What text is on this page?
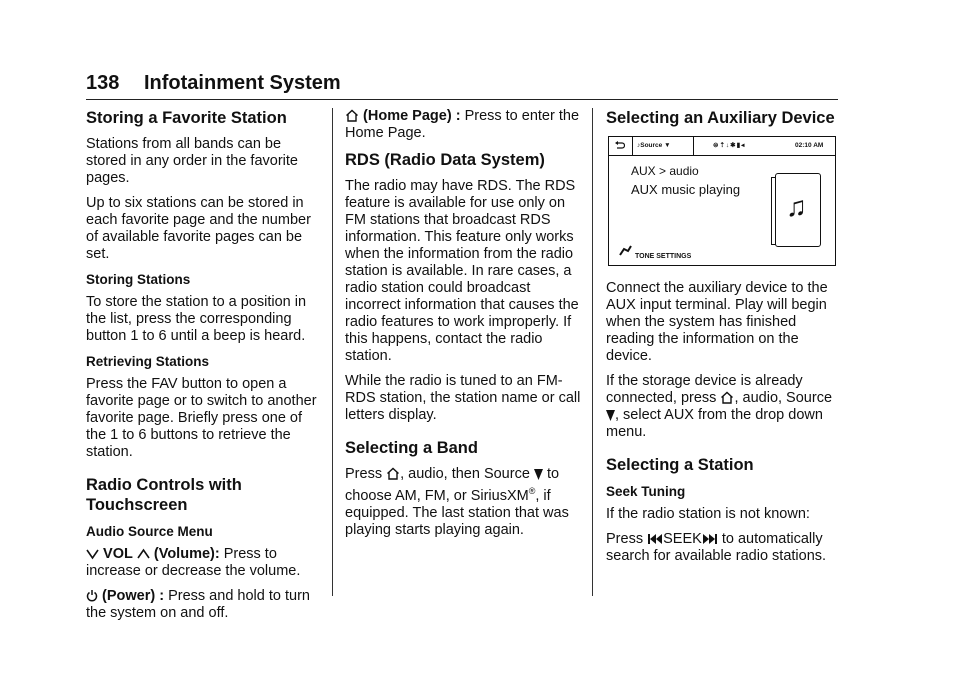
138 Infotainment System
Storing a Favorite Station

Stations from all bands can be stored in any order in the favorite pages.

Up to six stations can be stored in each favorite page and the number of available favorite pages can be set.

Storing Stations

To store the station to a position in the list, press the corresponding button 1 to 6 until a beep is heard.

Retrieving Stations

Press the FAV button to open a favorite page or to switch to another favorite page. Briefly press one of the 1 to 6 buttons to retrieve the station.

Radio Controls with Touchscreen
Audio Source Menu

VOL (Volume): Press to increase or decrease the volume.

(Power) : Press and hold to turn the system on and off.

(Home Page) : Press to enter the Home Page.

RDS (Radio Data System)

The radio may have RDS. The RDS feature is available for use only on FM stations that broadcast RDS information. This feature only works when the information from the radio station is available. In rare cases, a radio station could broadcast incorrect information that causes the radio features to work improperly. If this happens, contact the radio station.

While the radio is tuned to an FM-RDS station, the station name or call letters display.

Selecting a Band

Press , audio, then Source to choose AM, FM, or SiriusXM®, if equipped. The last station that was playing starts playing again.

Selecting an Auxiliary Device
♪Source ▼	⊜⇡↓✱▮◂	02:10 AM
AUX > audio
AUX music playing
♫
TONE SETTINGS

Connect the auxiliary device to the AUX input terminal. Play will begin when the system has finished reading the information on the device.

If the storage device is already connected, press , audio, Source
, select AUX from the drop down menu.

Selecting a Station
Seek Tuning

If the radio station is not known:

Press SEEK to automatically search for available radio stations.
